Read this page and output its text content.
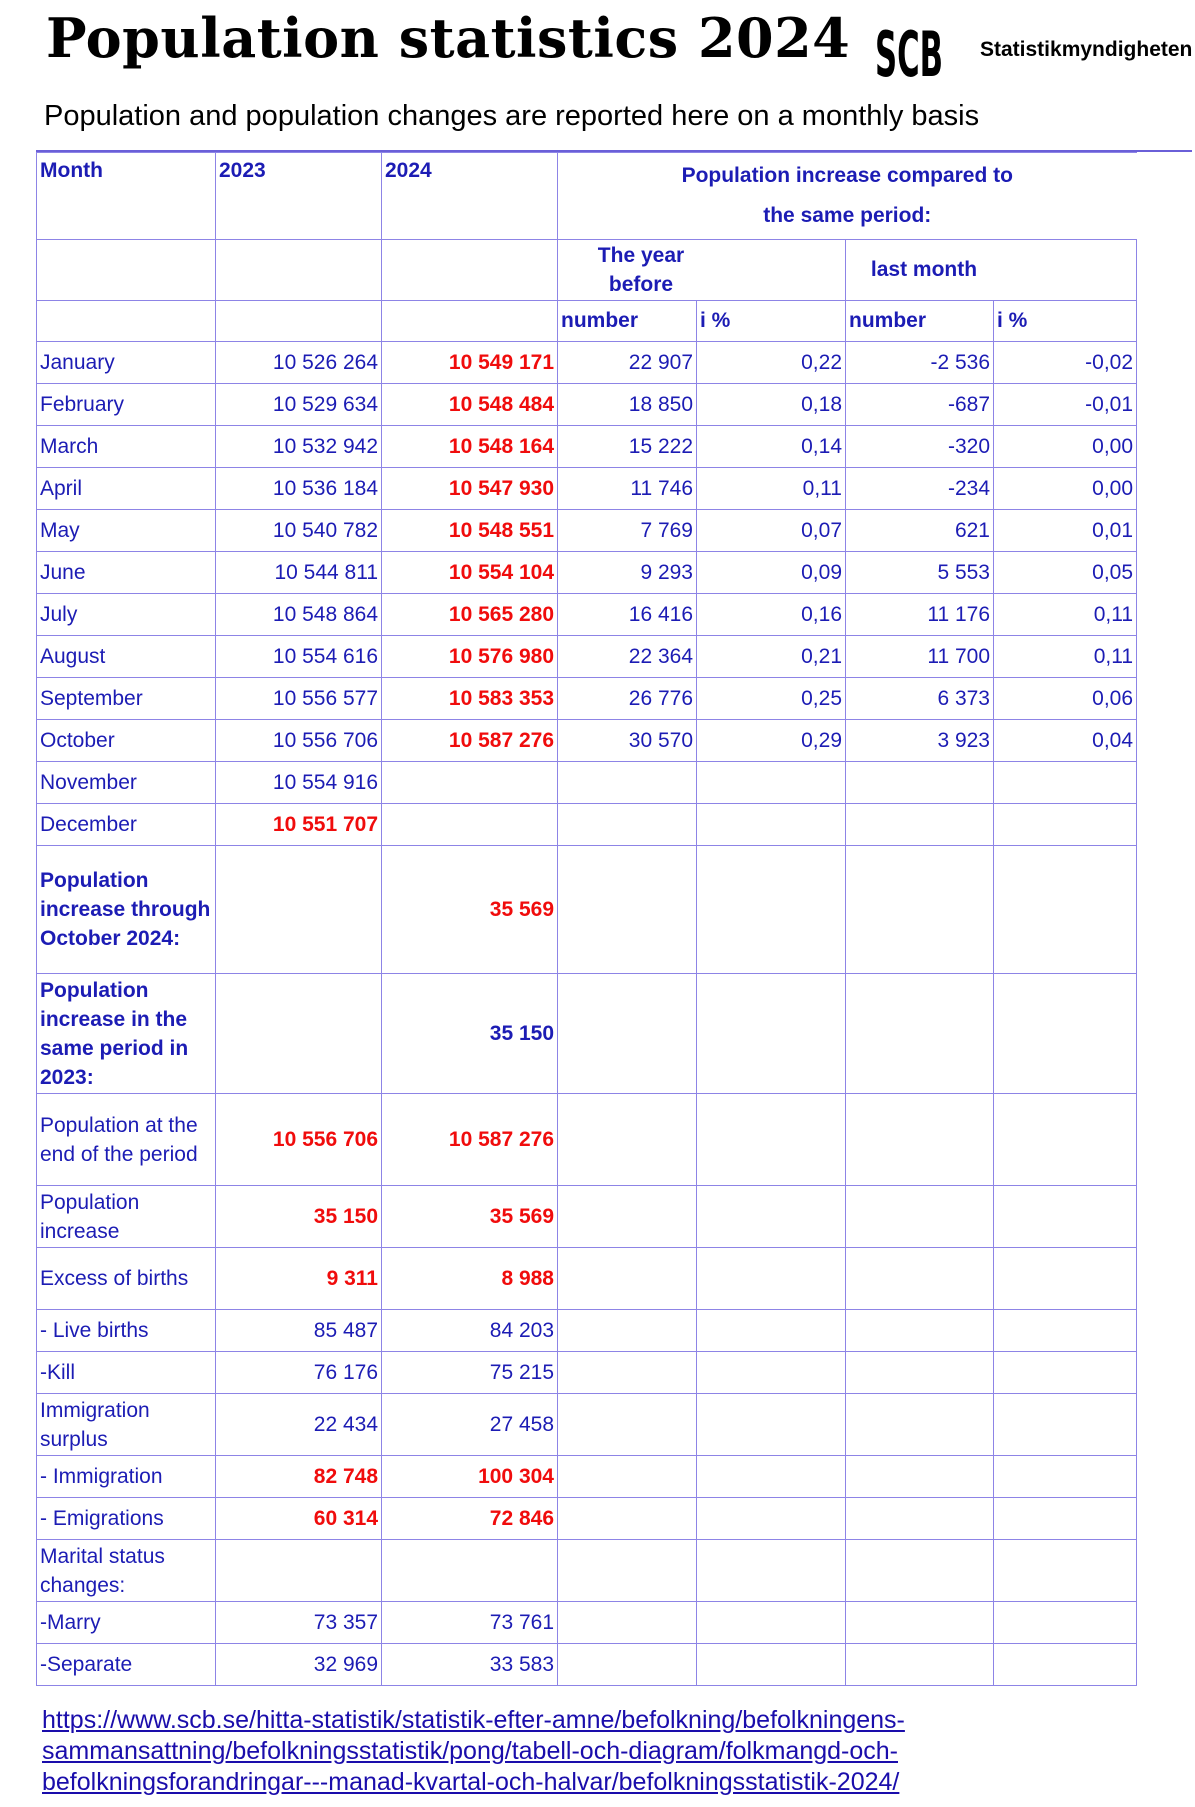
Population statistics 2024 SCB Statistikmyndigheten
Population and population changes are reported here on a monthly basis
Month	2023	2024	Population increase compared to
the same period:			

			The year before		last month	

			number	i %	number	i %
January	10 526 264	10 549 171	22 907	0,22	-2 536	-0,02
February	10 529 634	10 548 484	18 850	0,18	-687	-0,01
March	10 532 942	10 548 164	15 222	0,14	-320	0,00
April	10 536 184	10 547 930	11 746	0,11	-234	0,00
May	10 540 782	10 548 551	7 769	0,07	621	0,01
June	10 544 811	10 554 104	9 293	0,09	5 553	0,05
July	10 548 864	10 565 280	16 416	0,16	11 176	0,11
August	10 554 616	10 576 980	22 364	0,21	11 700	0,11
September	10 556 577	10 583 353	26 776	0,25	6 373	0,06
October	10 556 706	10 587 276	30 570	0,29	3 923	0,04
November	10 554 916					
December	10 551 707					
Population increase through October 2024:		35 569				
Population increase in the same period in 2023:		35 150				
Population at the end of the period	10 556 706	10 587 276				
Population increase	35 150	35 569				
Excess of births	9 311	8 988				
- Live births	85 487	84 203				
-Kill	76 176	75 215				
Immigration surplus	22 434	27 458				
- Immigration	82 748	100 304				
- Emigrations	60 314	72 846				
Marital status changes:						
-Marry	73 357	73 761				
-Separate	32 969	33 583				
https://www.scb.se/hitta-statistik/statistik-efter-amne/befolkning/befolkningens-
sammansattning/befolkningsstatistik/pong/tabell-och-diagram/folkmangd-och-
befolkningsforandringar---manad-kvartal-och-halvar/befolkningsstatistik-2024/
